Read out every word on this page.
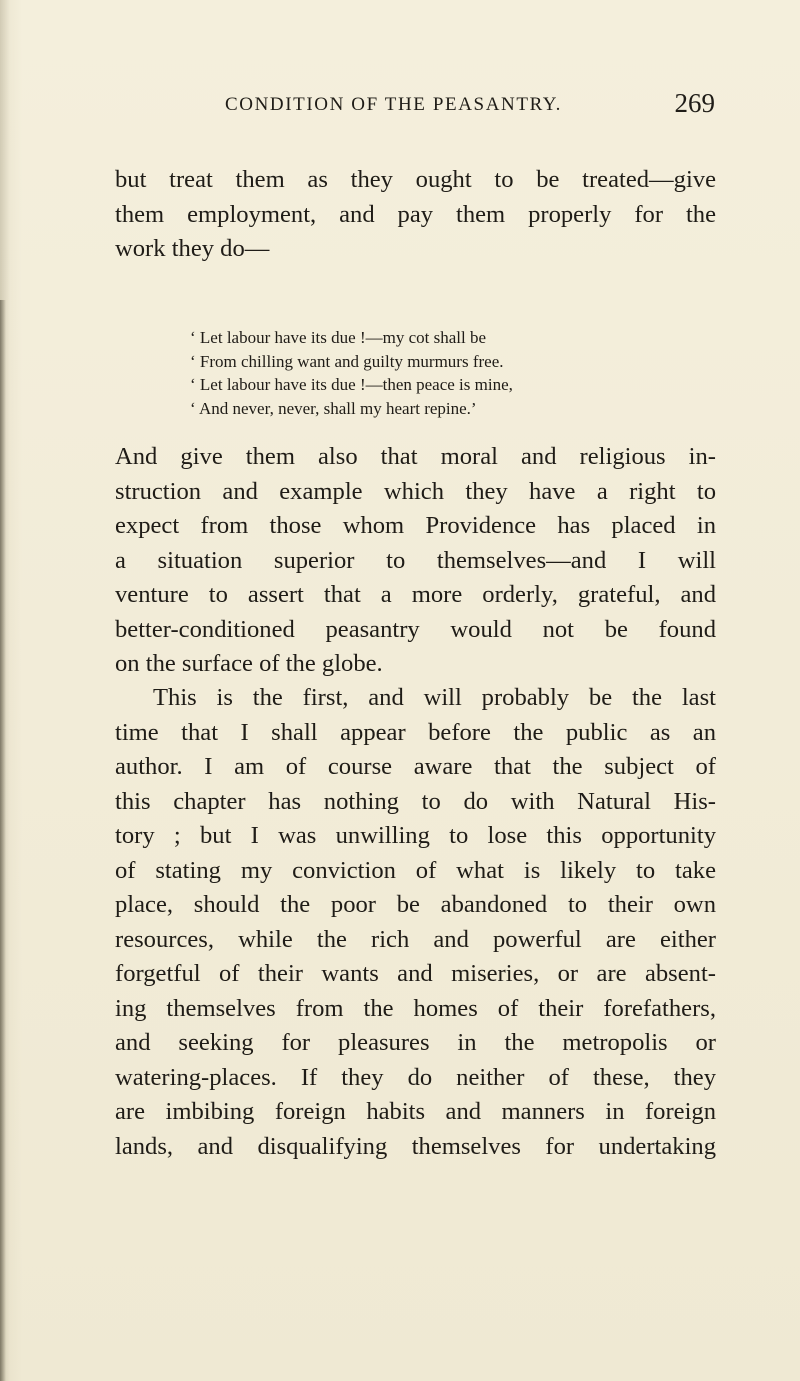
CONDITION OF THE PEASANTRY.	269
but treat them as they ought to be treated—give
them employment, and pay them properly for the
work they do—
‘ Let labour have its due !—my cot shall be
‘ From chilling want and guilty murmurs free.
‘ Let labour have its due !—then peace is mine,
‘ And never, never, shall my heart repine.’
And give them also that moral and religious in-
struction and example which they have a right to
expect from those whom Providence has placed in
a situation superior to themselves—and I will
venture to assert that a more orderly, grateful, and
better-conditioned peasantry would not be found
on the surface of the globe.
This is the first, and will probably be the last
time that I shall appear before the public as an
author. I am of course aware that the subject of
this chapter has nothing to do with Natural His-
tory ; but I was unwilling to lose this opportunity
of stating my conviction of what is likely to take
place, should the poor be abandoned to their own
resources, while the rich and powerful are either
forgetful of their wants and miseries, or are absent-
ing themselves from the homes of their forefathers,
and seeking for pleasures in the metropolis or
watering-places. If they do neither of these, they
are imbibing foreign habits and manners in foreign
lands, and disqualifying themselves for undertaking
